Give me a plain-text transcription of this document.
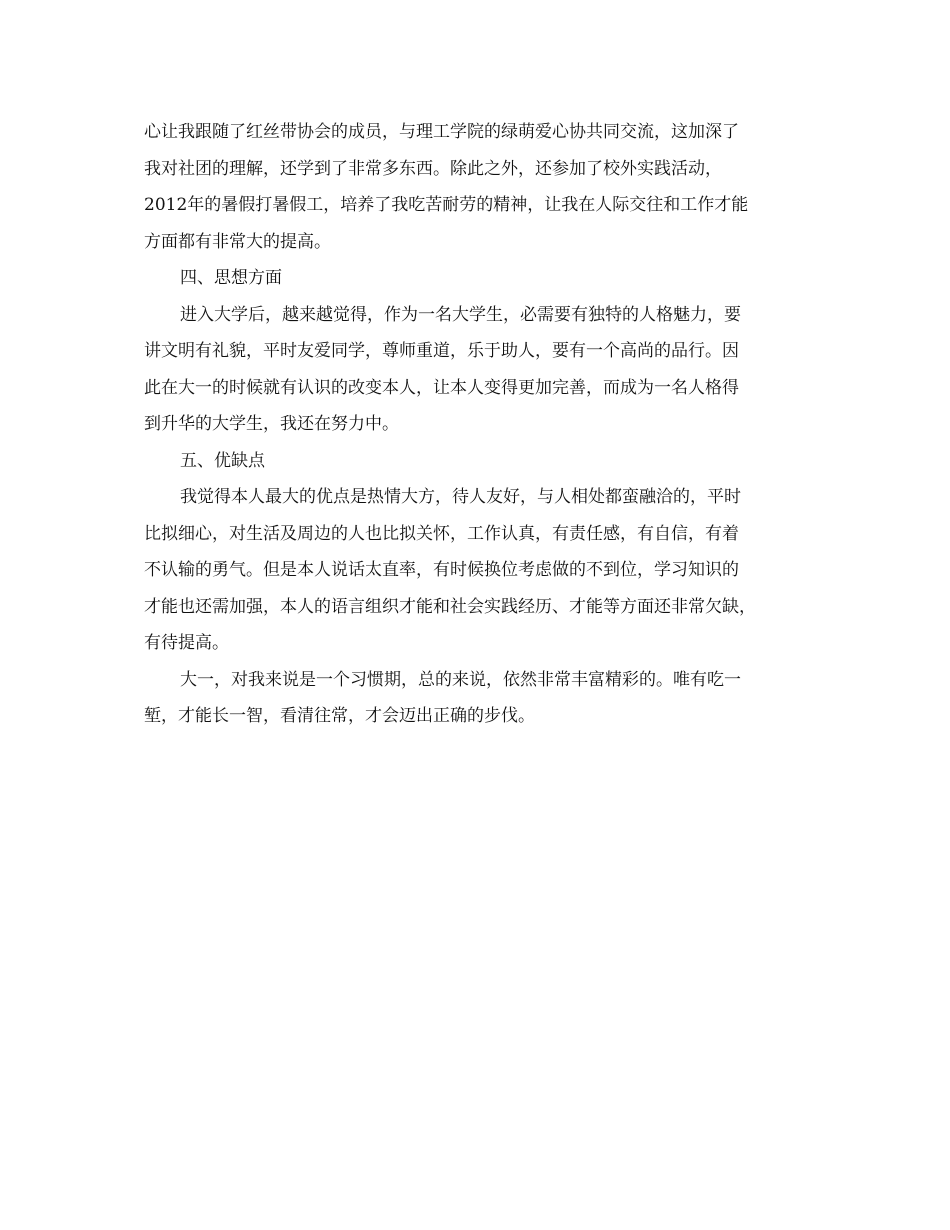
心让我跟随了红丝带协会的成员，与理工学院的绿萌爱心协共同交流，这加深了
我对社团的理解，还学到了非常多东西。除此之外，还参加了校外实践活动，
2012年的暑假打暑假工，培养了我吃苦耐劳的精神，让我在人际交往和工作才能
方面都有非常大的提高。
四、思想方面
进入大学后，越来越觉得，作为一名大学生，必需要有独特的人格魅力，要
讲文明有礼貌，平时友爱同学，尊师重道，乐于助人，要有一个高尚的品行。因
此在大一的时候就有认识的改变本人，让本人变得更加完善，而成为一名人格得
到升华的大学生，我还在努力中。
五、优缺点
我觉得本人最大的优点是热情大方，待人友好，与人相处都蛮融洽的，平时
比拟细心，对生活及周边的人也比拟关怀，工作认真，有责任感，有自信，有着
不认输的勇气。但是本人说话太直率，有时候换位考虑做的不到位，学习知识的
才能也还需加强，本人的语言组织才能和社会实践经历、才能等方面还非常欠缺，
有待提高。
大一，对我来说是一个习惯期，总的来说，依然非常丰富精彩的。唯有吃一
堑，才能长一智，看清往常，才会迈出正确的步伐。
